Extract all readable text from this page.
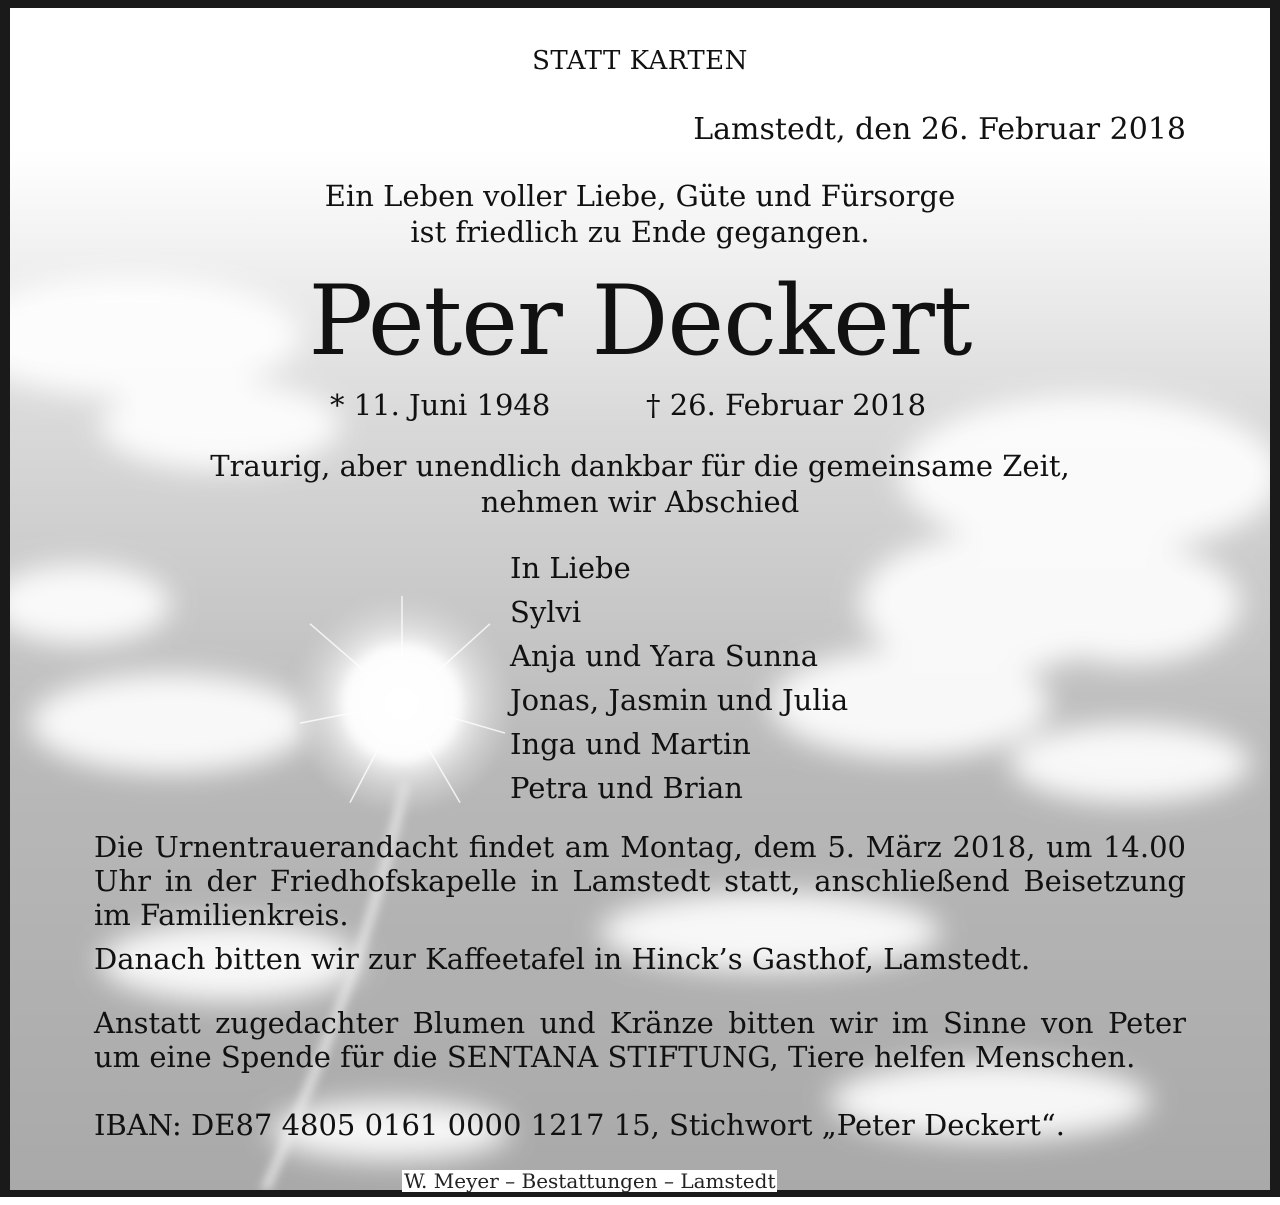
STATT KARTEN
Lamstedt, den 26. Februar 2018
Ein Leben voller Liebe, Güte und Fürsorge
ist friedlich zu Ende gegangen.
Peter Deckert
* 11. Juni 1948	† 26. Februar 2018
Traurig, aber unendlich dankbar für die gemeinsame Zeit,
nehmen wir Abschied
In Liebe
Sylvi
Anja und Yara Sunna
Jonas, Jasmin und Julia
Inga und Martin
Petra und Brian
Die Urnentrauerandacht findet am Montag, dem 5. März 2018, um 14.00 Uhr in der Friedhofskapelle in Lamstedt statt, anschließend Beisetzung im Familienkreis.
Danach bitten wir zur Kaffeetafel in Hinck’s Gasthof, Lamstedt.
Anstatt zugedachter Blumen und Kränze bitten wir im Sinne von Peter um eine Spende für die SENTANA STIFTUNG, Tiere helfen Menschen.
IBAN: DE87 4805 0161 0000 1217 15, Stichwort „Peter Deckert“.
W. Meyer – Bestattungen – Lamstedt
